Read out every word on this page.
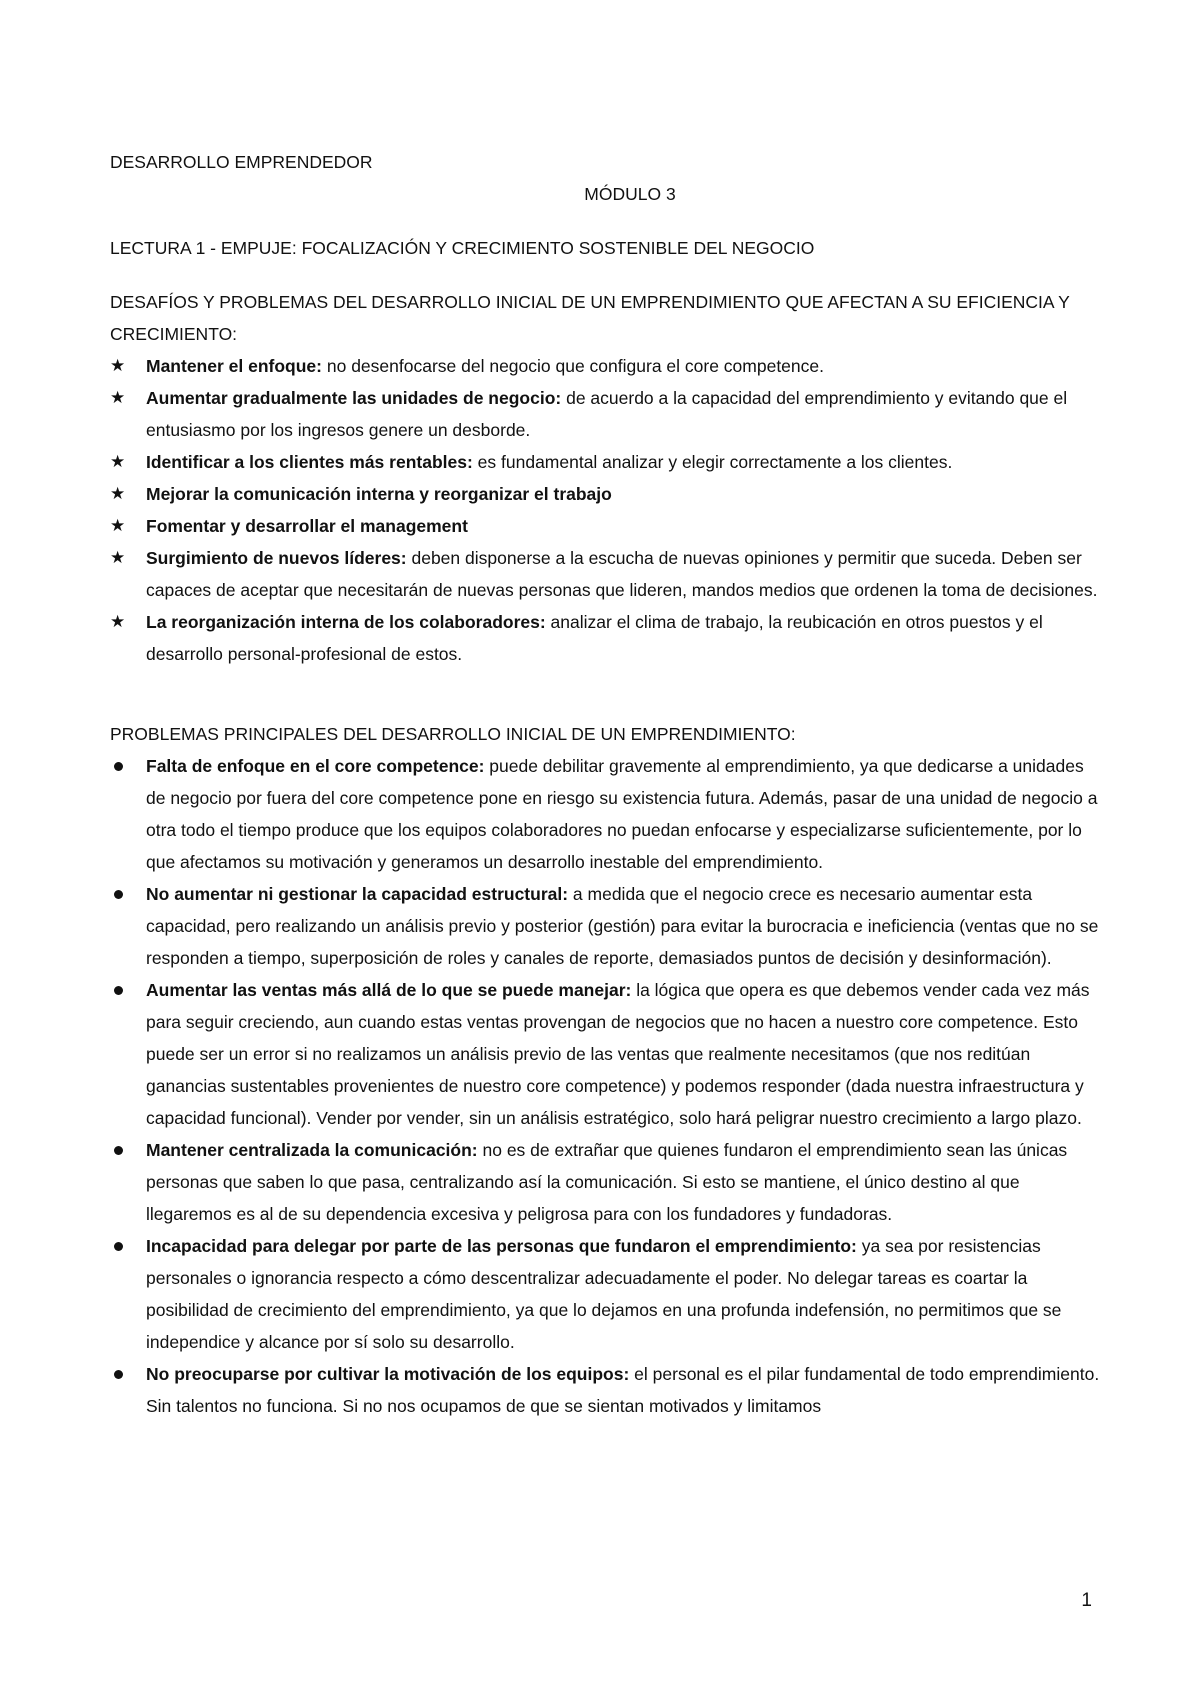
DESARROLLO EMPRENDEDOR
MÓDULO 3
LECTURA 1 - EMPUJE: FOCALIZACIÓN Y CRECIMIENTO SOSTENIBLE DEL NEGOCIO
DESAFÍOS Y PROBLEMAS DEL DESARROLLO INICIAL DE UN EMPRENDIMIENTO QUE AFECTAN A SU EFICIENCIA Y CRECIMIENTO:
★	Mantener el enfoque: no desenfocarse del negocio que configura el core competence.
★	Aumentar gradualmente las unidades de negocio: de acuerdo a la capacidad del emprendimiento y evitando que el entusiasmo por los ingresos genere un desborde.
★	Identificar a los clientes más rentables: es fundamental analizar y elegir correctamente a los clientes.
★	Mejorar la comunicación interna y reorganizar el trabajo
★	Fomentar y desarrollar el management
★	Surgimiento de nuevos líderes: deben disponerse a la escucha de nuevas opiniones y permitir que suceda. Deben ser capaces de aceptar que necesitarán de nuevas personas que lideren, mandos medios que ordenen la toma de decisiones.
★	La reorganización interna de los colaboradores: analizar el clima de trabajo, la reubicación en otros puestos y el desarrollo personal-profesional de estos.
PROBLEMAS PRINCIPALES DEL DESARROLLO INICIAL DE UN EMPRENDIMIENTO:
Falta de enfoque en el core competence: puede debilitar gravemente al emprendimiento, ya que dedicarse a unidades de negocio por fuera del core competence pone en riesgo su existencia futura. Además, pasar de una unidad de negocio a otra todo el tiempo produce que los equipos colaboradores no puedan enfocarse y especializarse suficientemente, por lo que afectamos su motivación y generamos un desarrollo inestable del emprendimiento.
No aumentar ni gestionar la capacidad estructural: a medida que el negocio crece es necesario aumentar esta capacidad, pero realizando un análisis previo y posterior (gestión) para evitar la burocracia e ineficiencia (ventas que no se responden a tiempo, superposición de roles y canales de reporte, demasiados puntos de decisión y desinformación).
Aumentar las ventas más allá de lo que se puede manejar: la lógica que opera es que debemos vender cada vez más para seguir creciendo, aun cuando estas ventas provengan de negocios que no hacen a nuestro core competence. Esto puede ser un error si no realizamos un análisis previo de las ventas que realmente necesitamos (que nos reditúan ganancias sustentables provenientes de nuestro core competence) y podemos responder (dada nuestra infraestructura y capacidad funcional). Vender por vender, sin un análisis estratégico, solo hará peligrar nuestro crecimiento a largo plazo.
Mantener centralizada la comunicación: no es de extrañar que quienes fundaron el emprendimiento sean las únicas personas que saben lo que pasa, centralizando así la comunicación. Si esto se mantiene, el único destino al que llegaremos es al de su dependencia excesiva y peligrosa para con los fundadores y fundadoras.
Incapacidad para delegar por parte de las personas que fundaron el emprendimiento: ya sea por resistencias personales o ignorancia respecto a cómo descentralizar adecuadamente el poder. No delegar tareas es coartar la posibilidad de crecimiento del emprendimiento, ya que lo dejamos en una profunda indefensión, no permitimos que se independice y alcance por sí solo su desarrollo.
No preocuparse por cultivar la motivación de los equipos: el personal es el pilar fundamental de todo emprendimiento. Sin talentos no funciona. Si no nos ocupamos de que se sientan motivados y limitamos
1
